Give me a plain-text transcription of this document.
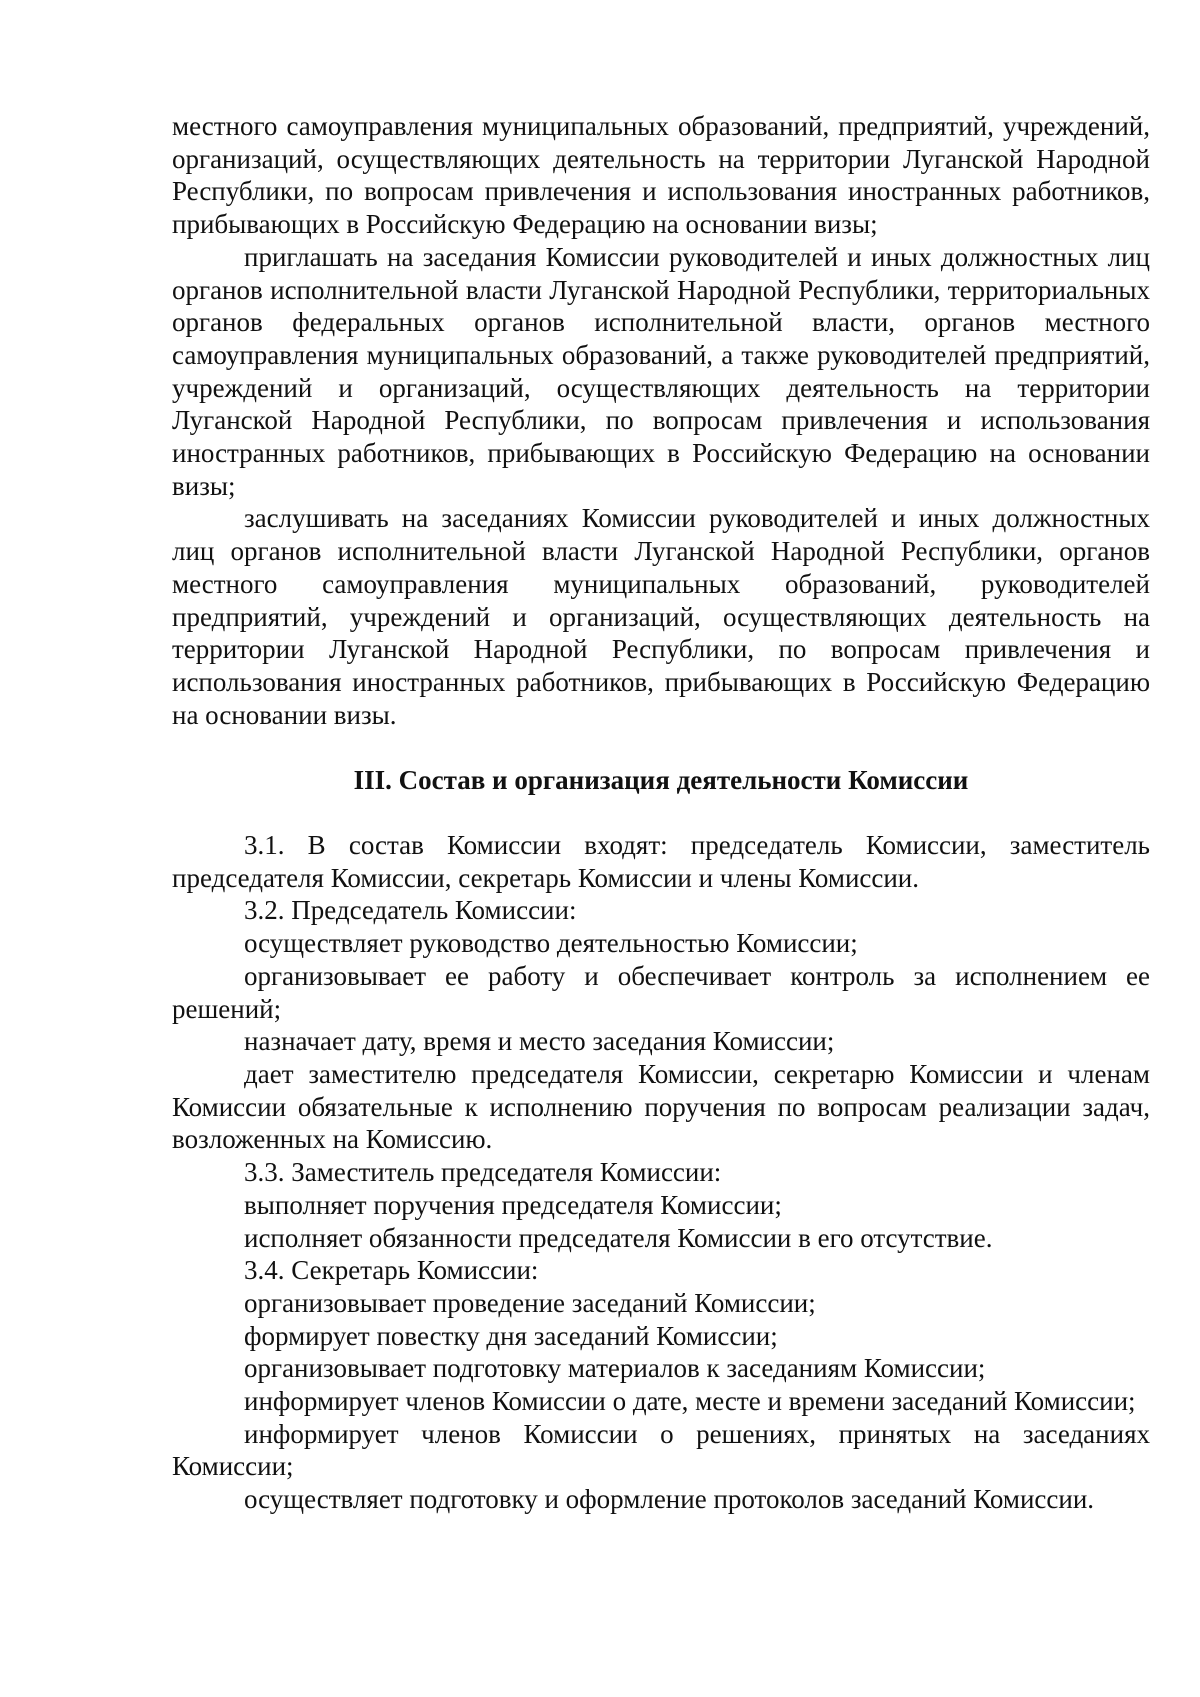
местного самоуправления муниципальных образований, предприятий, учреждений, организаций, осуществляющих деятельность на территории Луганской Народной Республики, по вопросам привлечения и использования иностранных работников, прибывающих в Российскую Федерацию на основании визы;

приглашать на заседания Комиссии руководителей и иных должностных лиц органов исполнительной власти Луганской Народной Республики, территориальных органов федеральных органов исполнительной власти, органов местного самоуправления муниципальных образований, а также руководителей предприятий, учреждений и организаций, осуществляющих деятельность на территории Луганской Народной Республики, по вопросам привлечения и использования иностранных работников, прибывающих в Российскую Федерацию на основании визы;

заслушивать на заседаниях Комиссии руководителей и иных должностных лиц органов исполнительной власти Луганской Народной Республики, органов местного самоуправления муниципальных образований, руководителей предприятий, учреждений и организаций, осуществляющих деятельность на территории Луганской Народной Республики, по вопросам привлечения и использования иностранных работников, прибывающих в Российскую Федерацию на основании визы.

III. Состав и организация деятельности Комиссии

3.1. В состав Комиссии входят: председатель Комиссии, заместитель председателя Комиссии, секретарь Комиссии и члены Комиссии.

3.2. Председатель Комиссии:

осуществляет руководство деятельностью Комиссии;

организовывает ее работу и обеспечивает контроль за исполнением ее решений;

назначает дату, время и место заседания Комиссии;

дает заместителю председателя Комиссии, секретарю Комиссии и членам Комиссии обязательные к исполнению поручения по вопросам реализации задач, возложенных на Комиссию.

3.3. Заместитель председателя Комиссии:

выполняет поручения председателя Комиссии;

исполняет обязанности председателя Комиссии в его отсутствие.

3.4. Секретарь Комиссии:

организовывает проведение заседаний Комиссии;

формирует повестку дня заседаний Комиссии;

организовывает подготовку материалов к заседаниям Комиссии;

информирует членов Комиссии о дате, месте и времени заседаний Комиссии;

информирует членов Комиссии о решениях, принятых на заседаниях Комиссии;

осуществляет подготовку и оформление протоколов заседаний Комиссии.
